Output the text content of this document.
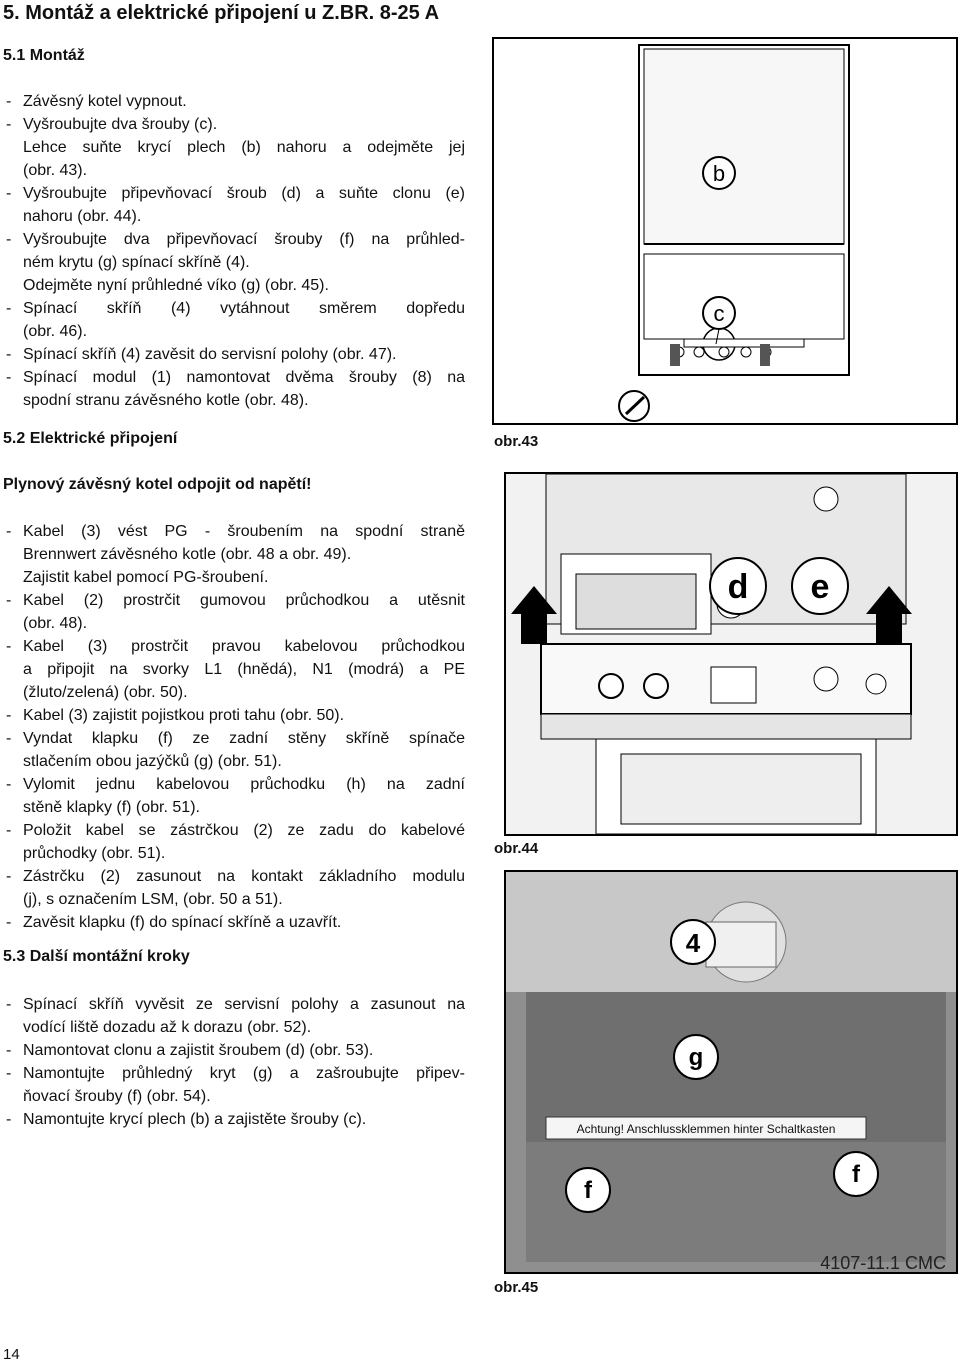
5. Montáž a elektrické připojení u Z.BR. 8-25 A
5.1 Montáž
- Závěsný kotel vypnout.
- Vyšroubujte dva šrouby (c).
Lehce suňte krycí plech (b) nahoru a odejměte jej
(obr. 43).
- Vyšroubujte připevňovací šroub (d) a suňte clonu (e)
nahoru (obr. 44).
- Vyšroubujte dva připevňovací šrouby (f) na průhled-
ném krytu (g) spínací skříně (4).
Odejměte nyní průhledné víko (g) (obr. 45).
- Spínací skříň (4) vytáhnout směrem dopředu
(obr. 46).
- Spínací skříň (4) zavěsit do servisní polohy (obr. 47).
- Spínací modul (1) namontovat dvěma šrouby (8) na
spodní stranu závěsného kotle (obr. 48).
5.2 Elektrické připojení
Plynový závěsný kotel odpojit od napětí!
- Kabel (3) vést PG - šroubením na spodní straně
Brennwert závěsného kotle (obr. 48 a obr. 49).
Zajistit kabel pomocí PG-šroubení.
- Kabel (2) prostrčit gumovou průchodkou a utěsnit
(obr. 48).
- Kabel (3) prostrčit pravou kabelovou průchodkou
a připojit na svorky L1 (hnědá), N1 (modrá) a PE
(žluto/zelená) (obr. 50).
- Kabel (3) zajistit pojistkou proti tahu (obr. 50).
- Vyndat klapku (f) ze zadní stěny skříně spínače
stlačením obou jazýčků (g) (obr. 51).
- Vylomit jednu kabelovou průchodku (h) na zadní
stěně klapky (f) (obr. 51).
- Položit kabel se zástrčkou (2) ze zadu do kabelové
průchodky (obr. 51).
- Zástrčku (2) zasunout na kontakt základního modulu
(j), s označením LSM, (obr. 50 a 51).
- Zavěsit klapku (f) do spínací skříně a uzavřít.
5.3 Další montážní kroky
- Spínací skříň vyvěsit ze servisní polohy a zasunout na
vodící liště dozadu až k dorazu (obr. 52).
- Namontovat clonu a zajistit šroubem (d) (obr. 53).
- Namontujte průhledný kryt (g) a zašroubujte připev-
ňovací šrouby (f) (obr. 54).
- Namontujte krycí plech (b) a zajistěte šrouby (c).
b
c
obr.43
d e
obr.44
Achtung! Anschlussklemmen hinter Schaltkasten
4107-11.1 CMC
4
g
f
f
obr.45
14
